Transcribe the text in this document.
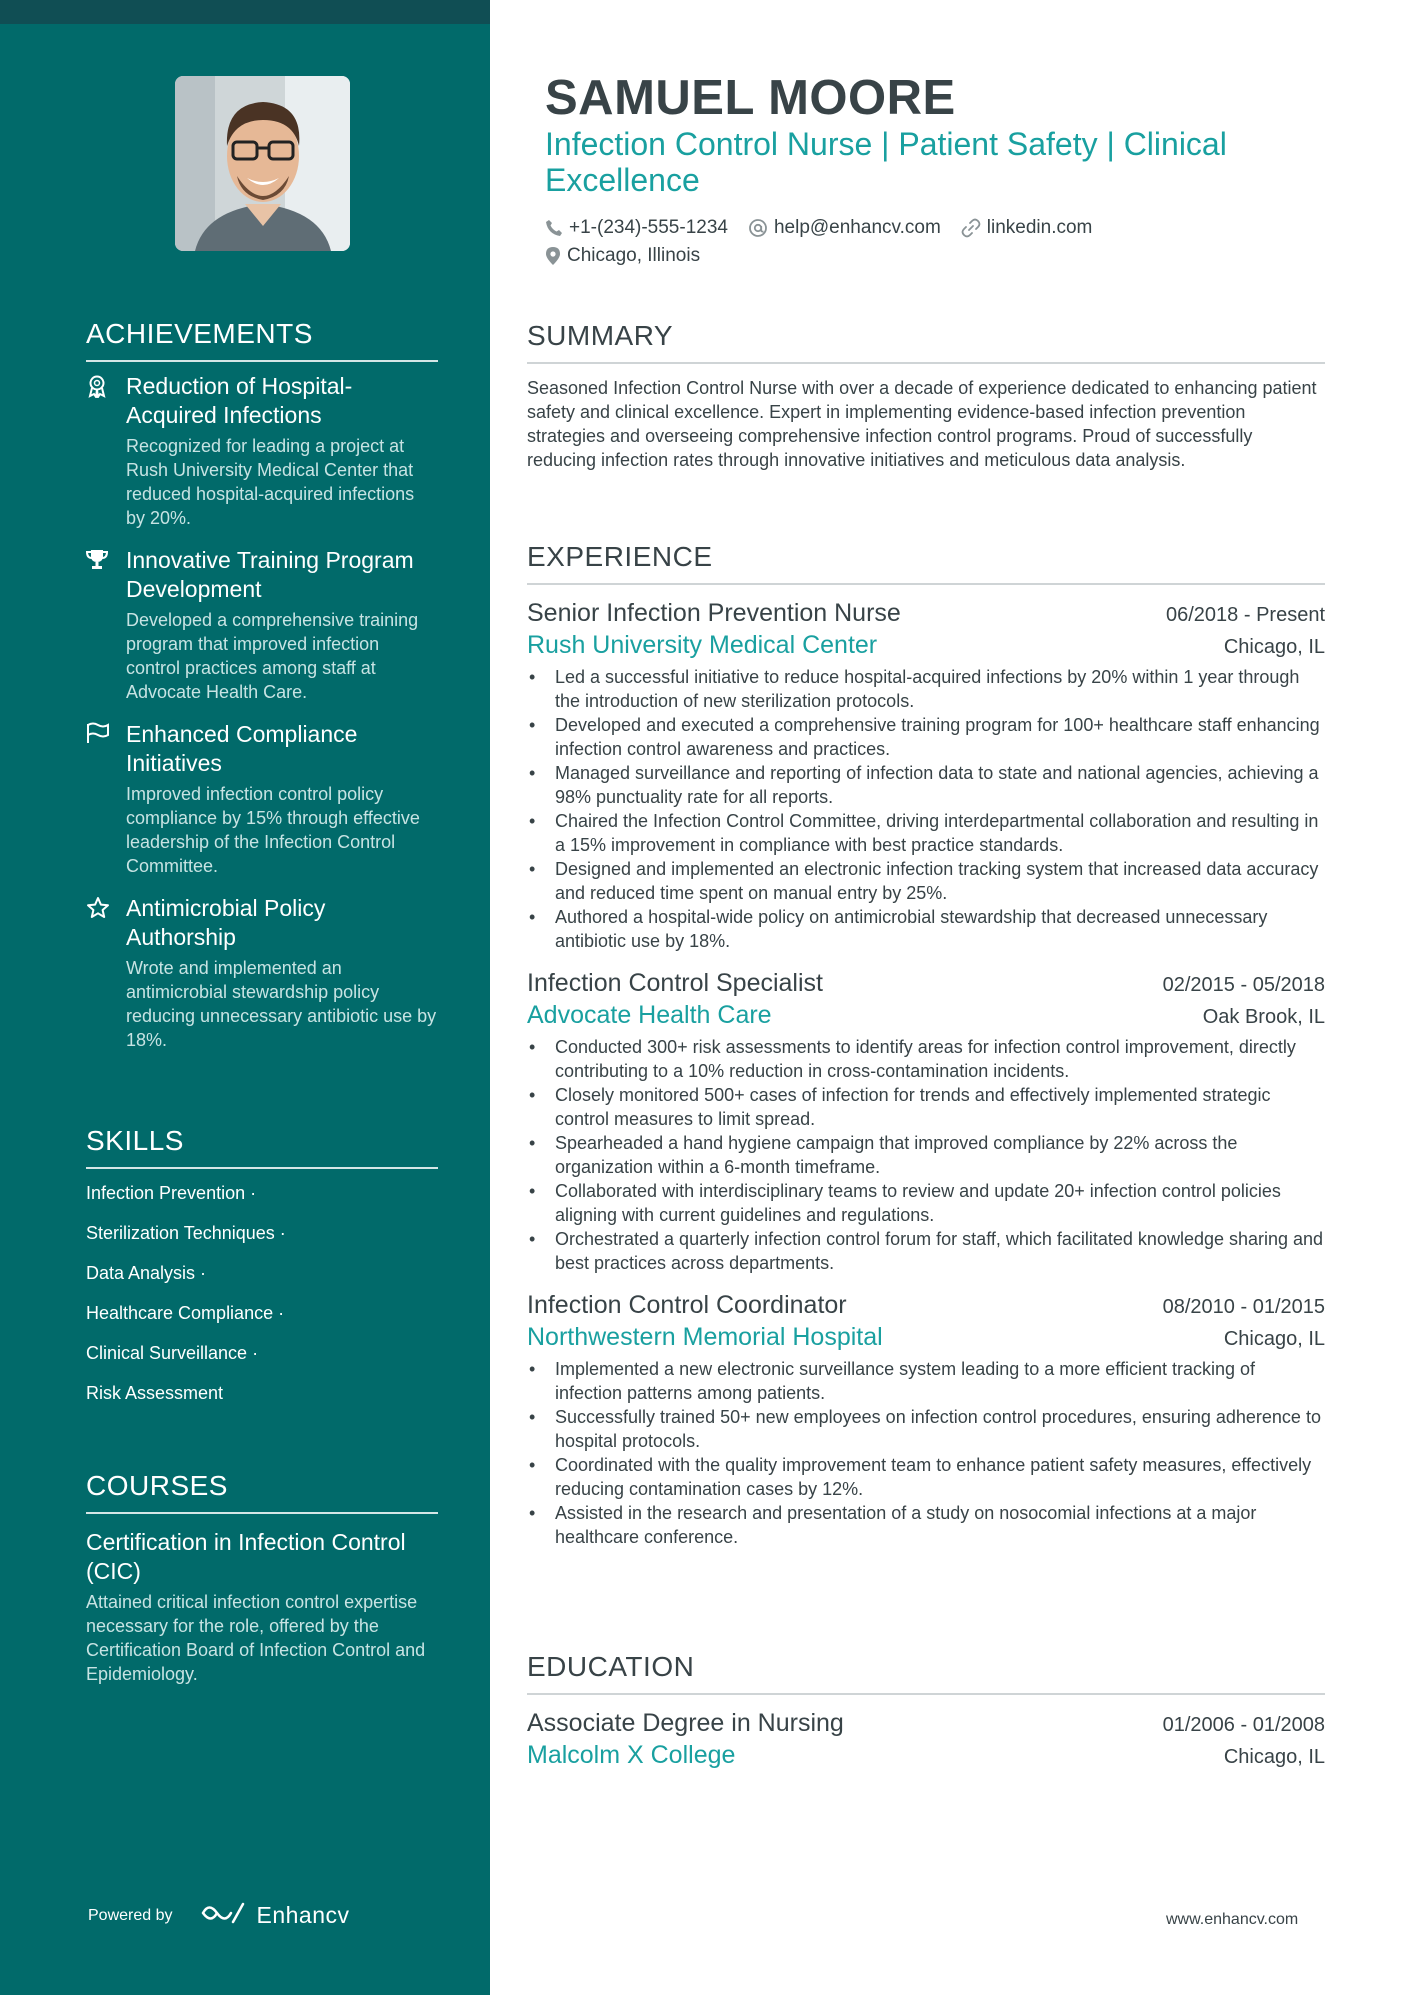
ACHIEVEMENTS
Reduction of Hospital-Acquired Infections
Recognized for leading a project at Rush University Medical Center that reduced hospital-acquired infections by 20%.
Innovative Training Program Development
Developed a comprehensive training program that improved infection control practices among staff at Advocate Health Care.
Enhanced Compliance Initiatives
Improved infection control policy compliance by 15% through effective leadership of the Infection Control Committee.
Antimicrobial Policy Authorship
Wrote and implemented an antimicrobial stewardship policy reducing unnecessary antibiotic use by 18%.
SKILLS
Infection Prevention ·
Sterilization Techniques ·
Data Analysis ·
Healthcare Compliance ·
Clinical Surveillance ·
Risk Assessment
COURSES
Certification in Infection Control (CIC)
Attained critical infection control expertise necessary for the role, offered by the Certification Board of Infection Control and Epidemiology.
Powered by	Enhancv
SAMUEL MOORE
Infection Control Nurse | Patient Safety | Clinical Excellence
+1-(234)-555-1234 help@enhancv.com linkedin.com
Chicago, Illinois
SUMMARY
Seasoned Infection Control Nurse with over a decade of experience dedicated to enhancing patient safety and clinical excellence. Expert in implementing evidence-based infection prevention strategies and overseeing comprehensive infection control programs. Proud of successfully reducing infection rates through innovative initiatives and meticulous data analysis.
EXPERIENCE
Senior Infection Prevention Nurse	06/2018 - Present
Rush University Medical Center	Chicago, IL
• Led a successful initiative to reduce hospital-acquired infections by 20% within 1 year through the introduction of new sterilization protocols.
• Developed and executed a comprehensive training program for 100+ healthcare staff enhancing infection control awareness and practices.
• Managed surveillance and reporting of infection data to state and national agencies, achieving a 98% punctuality rate for all reports.
• Chaired the Infection Control Committee, driving interdepartmental collaboration and resulting in a 15% improvement in compliance with best practice standards.
• Designed and implemented an electronic infection tracking system that increased data accuracy and reduced time spent on manual entry by 25%.
• Authored a hospital-wide policy on antimicrobial stewardship that decreased unnecessary antibiotic use by 18%.
Infection Control Specialist	02/2015 - 05/2018
Advocate Health Care	Oak Brook, IL
• Conducted 300+ risk assessments to identify areas for infection control improvement, directly contributing to a 10% reduction in cross-contamination incidents.
• Closely monitored 500+ cases of infection for trends and effectively implemented strategic control measures to limit spread.
• Spearheaded a hand hygiene campaign that improved compliance by 22% across the organization within a 6-month timeframe.
• Collaborated with interdisciplinary teams to review and update 20+ infection control policies aligning with current guidelines and regulations.
• Orchestrated a quarterly infection control forum for staff, which facilitated knowledge sharing and best practices across departments.
Infection Control Coordinator	08/2010 - 01/2015
Northwestern Memorial Hospital	Chicago, IL
• Implemented a new electronic surveillance system leading to a more efficient tracking of infection patterns among patients.
• Successfully trained 50+ new employees on infection control procedures, ensuring adherence to hospital protocols.
• Coordinated with the quality improvement team to enhance patient safety measures, effectively reducing contamination cases by 12%.
• Assisted in the research and presentation of a study on nosocomial infections at a major healthcare conference.
EDUCATION
Associate Degree in Nursing	01/2006 - 01/2008
Malcolm X College	Chicago, IL
www.enhancv.com
